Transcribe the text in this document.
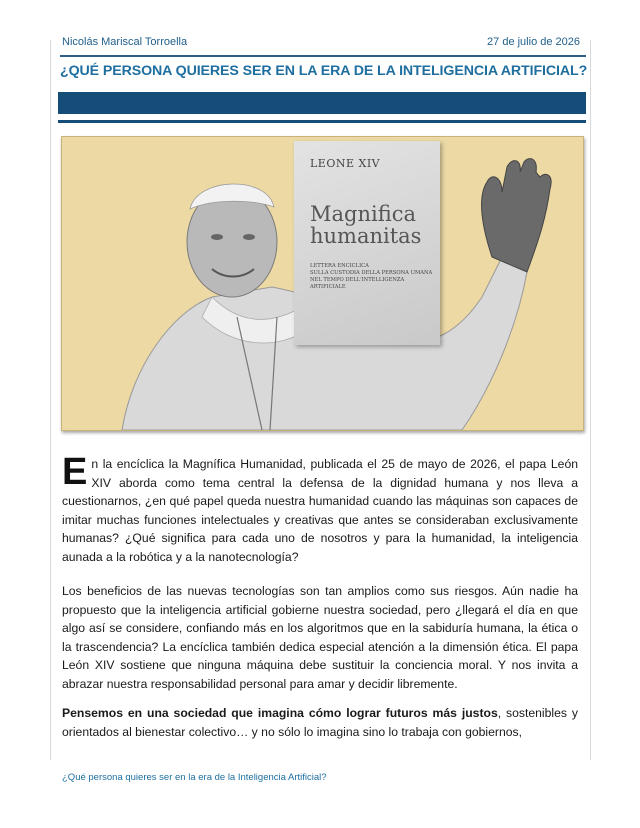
Nicolás Mariscal Torroella	27 de julio de 2026
¿QUÉ PERSONA QUIERES SER EN LA ERA DE LA INTELIGENCIA ARTIFICIAL?
LEONE XIV
Magnifica
humanitas
LETTERA ENCICLICA
SULLA CUSTODIA DELLA PERSONA UMANA
NEL TEMPO DELL'INTELLIGENZA ARTIFICIALE
En la encíclica la Magnífica Humanidad, publicada el 25 de mayo de 2026, el papa León XIV aborda como tema central la defensa de la dignidad humana y nos lleva a cuestionarnos, ¿en qué papel queda nuestra humanidad cuando las máquinas son capaces de imitar muchas funciones intelectuales y creativas que antes se consideraban exclusivamente humanas? ¿Qué significa para cada uno de nosotros y para la humanidad, la inteligencia aunada a la robótica y a la nanotecnología?
Los beneficios de las nuevas tecnologías son tan amplios como sus riesgos. Aún nadie ha propuesto que la inteligencia artificial gobierne nuestra sociedad, pero ¿llegará el día en que algo así se considere, confiando más en los algoritmos que en la sabiduría humana, la ética o la trascendencia? La encíclica también dedica especial atención a la dimensión ética. El papa León XIV sostiene que ninguna máquina debe sustituir la conciencia moral. Y nos invita a abrazar nuestra responsabilidad personal para amar y decidir libremente.
Pensemos en una sociedad que imagina cómo lograr futuros más justos, sostenibles y orientados al bienestar colectivo… y no sólo lo imagina sino lo trabaja con gobiernos,
¿Qué persona quieres ser en la era de la Inteligencia Artificial?
